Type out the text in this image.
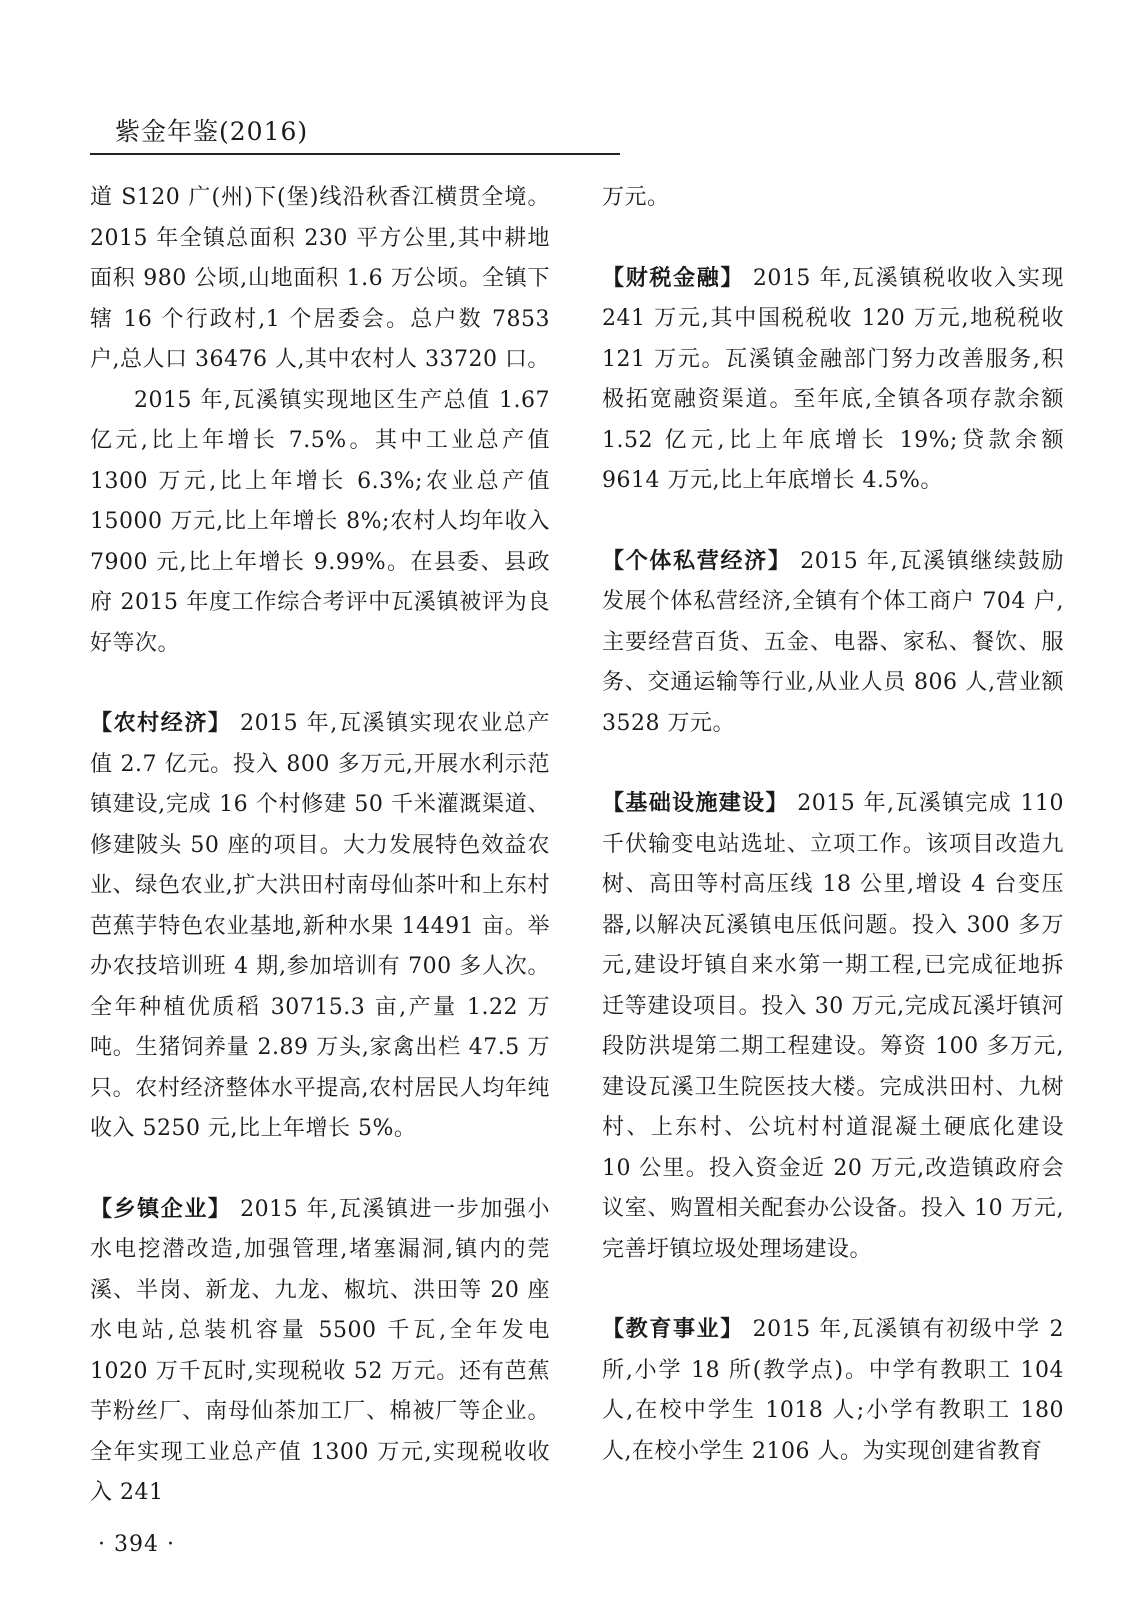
紫金年鉴(2016)

道 S120 广(州)下(堡)线沿秋香江横贯全境。2015 年全镇总面积 230 平方公里,其中耕地面积 980 公顷,山地面积 1.6 万公顷。全镇下辖 16 个行政村,1 个居委会。总户数 7853 户,总人口 36476 人,其中农村人 33720 口。

2015 年,瓦溪镇实现地区生产总值 1.67 亿元,比上年增长 7.5%。其中工业总产值 1300 万元,比上年增长 6.3%;农业总产值 15000 万元,比上年增长 8%;农村人均年收入 7900 元,比上年增长 9.99%。在县委、县政府 2015 年度工作综合考评中瓦溪镇被评为良好等次。

【农村经济】 2015 年,瓦溪镇实现农业总产值 2.7 亿元。投入 800 多万元,开展水利示范镇建设,完成 16 个村修建 50 千米灌溉渠道、修建陂头 50 座的项目。大力发展特色效益农业、绿色农业,扩大洪田村南母仙茶叶和上东村芭蕉芋特色农业基地,新种水果 14491 亩。举办农技培训班 4 期,参加培训有 700 多人次。全年种植优质稻 30715.3 亩,产量 1.22 万吨。生猪饲养量 2.89 万头,家禽出栏 47.5 万只。农村经济整体水平提高,农村居民人均年纯收入 5250 元,比上年增长 5%。

【乡镇企业】 2015 年,瓦溪镇进一步加强小水电挖潜改造,加强管理,堵塞漏洞,镇内的莞溪、半岗、新龙、九龙、椒坑、洪田等 20 座水电站,总装机容量 5500 千瓦,全年发电 1020 万千瓦时,实现税收 52 万元。还有芭蕉芋粉丝厂、南母仙茶加工厂、棉被厂等企业。全年实现工业总产值 1300 万元,实现税收收入 241

万元。

【财税金融】 2015 年,瓦溪镇税收收入实现 241 万元,其中国税税收 120 万元,地税税收 121 万元。瓦溪镇金融部门努力改善服务,积极拓宽融资渠道。至年底,全镇各项存款余额 1.52 亿元,比上年底增长 19%;贷款余额 9614 万元,比上年底增长 4.5%。

【个体私营经济】 2015 年,瓦溪镇继续鼓励发展个体私营经济,全镇有个体工商户 704 户,主要经营百货、五金、电器、家私、餐饮、服务、交通运输等行业,从业人员 806 人,营业额 3528 万元。

【基础设施建设】 2015 年,瓦溪镇完成 110 千伏输变电站选址、立项工作。该项目改造九树、高田等村高压线 18 公里,增设 4 台变压器,以解决瓦溪镇电压低问题。投入 300 多万元,建设圩镇自来水第一期工程,已完成征地拆迁等建设项目。投入 30 万元,完成瓦溪圩镇河段防洪堤第二期工程建设。筹资 100 多万元,建设瓦溪卫生院医技大楼。完成洪田村、九树村、上东村、公坑村村道混凝土硬底化建设 10 公里。投入资金近 20 万元,改造镇政府会议室、购置相关配套办公设备。投入 10 万元,完善圩镇垃圾处理场建设。

【教育事业】 2015 年,瓦溪镇有初级中学 2 所,小学 18 所(教学点)。中学有教职工 104 人,在校中学生 1018 人;小学有教职工 180 人,在校小学生 2106 人。为实现创建省教育

· 394 ·
